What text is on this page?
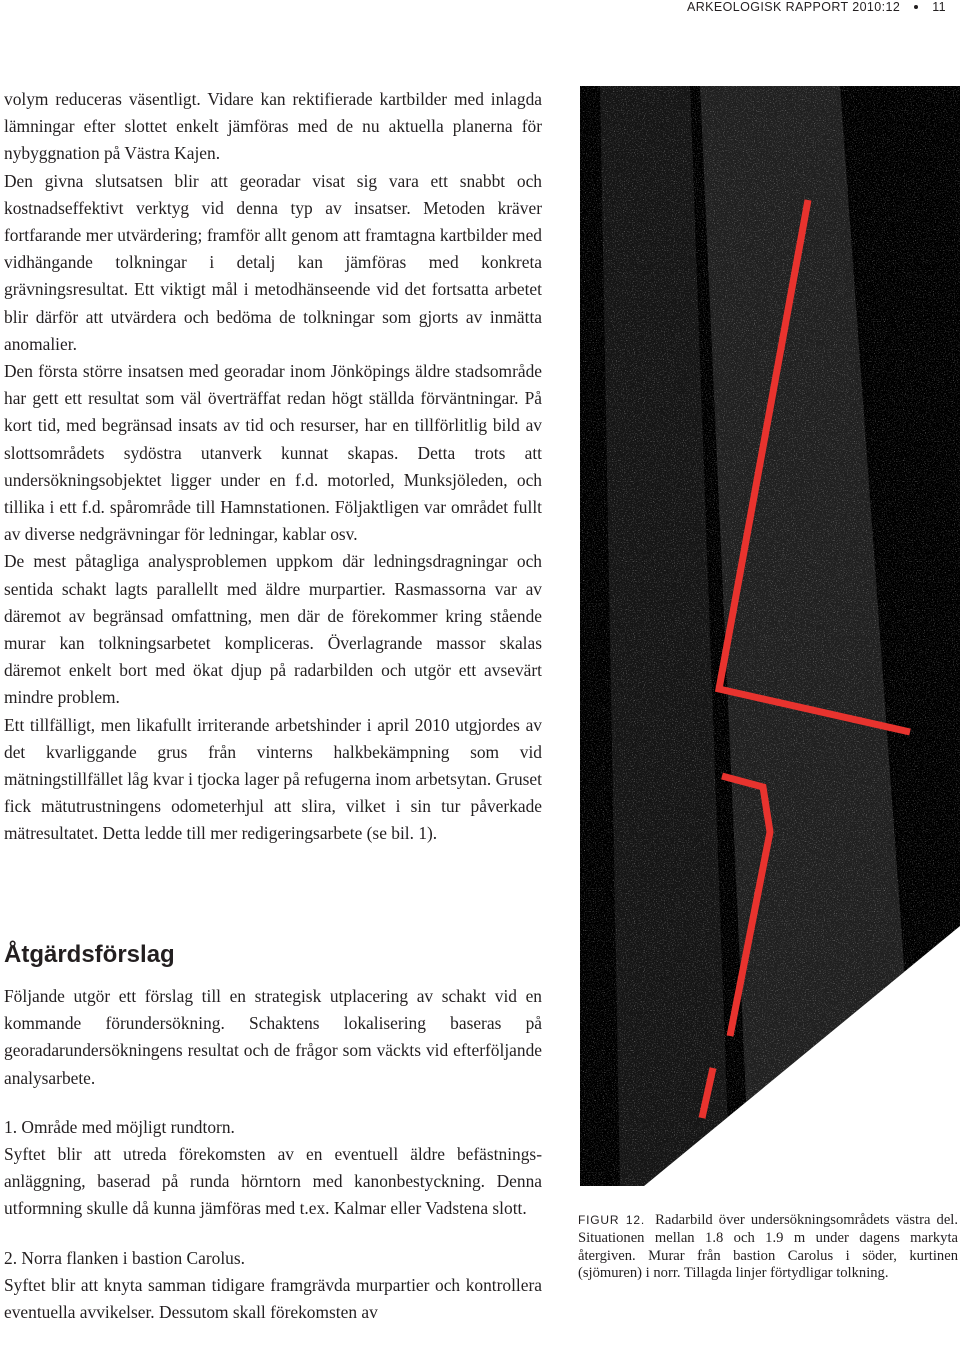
ARKEOLOGISK RAPPORT 2010:12	11

volym reduceras väsentligt. Vidare kan rektifierade kartbilder med inlagda lämningar efter slottet enkelt jämföras med de nu aktuella planerna för nybyggnation på Västra Kajen.

Den givna slutsatsen blir att georadar visat sig vara ett snabbt och kostnadseffektivt verktyg vid denna typ av insatser. Metoden kräver fortfarande mer utvärdering; framför allt genom att framtagna kartbilder med vidhängande tolkningar i detalj kan jämföras med konkreta grävningsresultat. Ett viktigt mål i metodhänseende vid det fortsatta arbetet blir därför att utvärdera och bedöma de tolkningar som gjorts av inmätta anomalier.

Den första större insatsen med georadar inom Jönköpings äldre stadsområde har gett ett resultat som väl överträffat redan högt ställda förväntningar. På kort tid, med begränsad insats av tid och resurser, har en tillförlitlig bild av slottsområdets sydöstra utanverk kunnat skapas. Detta trots att undersökningsobjektet ligger under en f.d. motorled, Munksjöleden, och tillika i ett f.d. spårområde till Hamnstationen. Följaktligen var området fullt av diverse nedgrävningar för ledningar, kablar osv.

De mest påtagliga analysproblemen uppkom där ledningsdragningar och sentida schakt lagts parallellt med äldre murpartier. Rasmassorna var av däremot av begränsad omfattning, men där de förekommer kring stående murar kan tolkningsarbetet kompliceras. Överlagrande massor skalas däremot enkelt bort med ökat djup på radarbilden och utgör ett avsevärt mindre problem.

Ett tillfälligt, men likafullt irriterande arbetshinder i april 2010 utgjordes av det kvarliggande grus från vinterns halkbekämpning som vid mätningstillfället låg kvar i tjocka lager på refugerna inom arbetsytan. Gruset fick mätutrustningens odometerhjul att slira, vilket i sin tur påverkade mätresultatet. Detta ledde till mer redigeringsarbete (se bil. 1).

Åtgärdsförslag

Följande utgör ett förslag till en strategisk utplacering av schakt vid en kommande förundersökning. Schaktens lokalisering baseras på georadarundersökningens resultat och de frågor som väckts vid efterföljande analysarbete.

1. Område med möjligt rundtorn.

Syftet blir att utreda förekomsten av en eventuell äldre befästningsanläggning, baserad på runda hörntorn med kanonbestyckning. Denna utformning skulle då kunna jämföras med t.ex. Kalmar eller Vadstena slott.

2. Norra flanken i bastion Carolus.

Syftet blir att knyta samman tidigare framgrävda murpartier och kontrollera eventuella avvikelser. Dessutom skall förekomsten av

FIGUR 12. Radarbild över undersökningsområdets västra del. Situationen mellan 1.8 och 1.9 m under dagens markyta återgiven. Murar från bastion Carolus i söder, kurtinen (sjömuren) i norr. Tillagda linjer förtydligar tolkning.
